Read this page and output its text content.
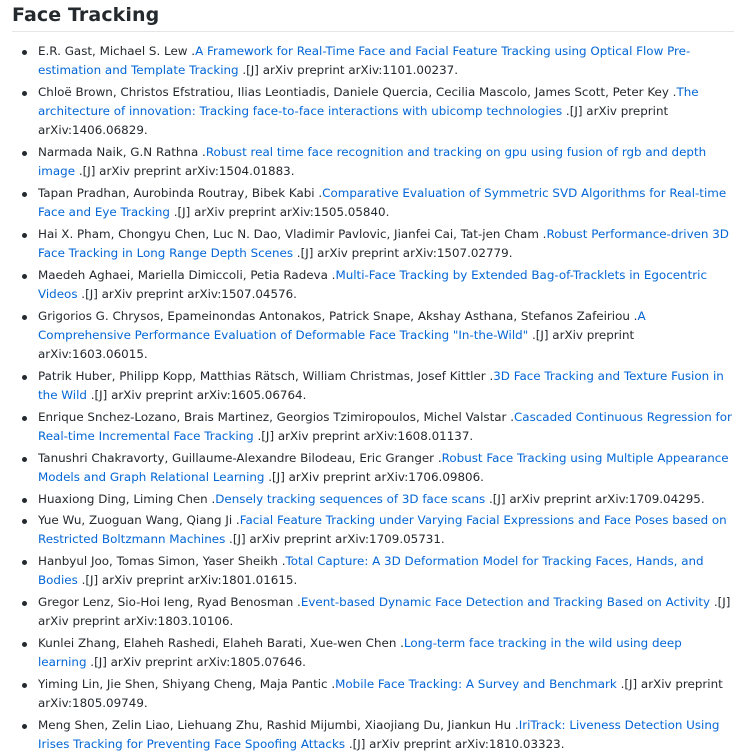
Face Tracking
E.R. Gast, Michael S. Lew .A Framework for Real-Time Face and Facial Feature Tracking using Optical Flow Pre-estimation and Template Tracking .[J] arXiv preprint arXiv:1101.00237.
Chloë Brown, Christos Efstratiou, Ilias Leontiadis, Daniele Quercia, Cecilia Mascolo, James Scott, Peter Key .The architecture of innovation: Tracking face-to-face interactions with ubicomp technologies .[J] arXiv preprint arXiv:1406.06829.
Narmada Naik, G.N Rathna .Robust real time face recognition and tracking on gpu using fusion of rgb and depth image .[J] arXiv preprint arXiv:1504.01883.
Tapan Pradhan, Aurobinda Routray, Bibek Kabi .Comparative Evaluation of Symmetric SVD Algorithms for Real-time Face and Eye Tracking .[J] arXiv preprint arXiv:1505.05840.
Hai X. Pham, Chongyu Chen, Luc N. Dao, Vladimir Pavlovic, Jianfei Cai, Tat-jen Cham .Robust Performance-driven 3D Face Tracking in Long Range Depth Scenes .[J] arXiv preprint arXiv:1507.02779.
Maedeh Aghaei, Mariella Dimiccoli, Petia Radeva .Multi-Face Tracking by Extended Bag-of-Tracklets in Egocentric Videos .[J] arXiv preprint arXiv:1507.04576.
Grigorios G. Chrysos, Epameinondas Antonakos, Patrick Snape, Akshay Asthana, Stefanos Zafeiriou .A Comprehensive Performance Evaluation of Deformable Face Tracking "In-the-Wild" .[J] arXiv preprint arXiv:1603.06015.
Patrik Huber, Philipp Kopp, Matthias Rätsch, William Christmas, Josef Kittler .3D Face Tracking and Texture Fusion in the Wild .[J] arXiv preprint arXiv:1605.06764.
Enrique Snchez-Lozano, Brais Martinez, Georgios Tzimiropoulos, Michel Valstar .Cascaded Continuous Regression for Real-time Incremental Face Tracking .[J] arXiv preprint arXiv:1608.01137.
Tanushri Chakravorty, Guillaume-Alexandre Bilodeau, Eric Granger .Robust Face Tracking using Multiple Appearance Models and Graph Relational Learning .[J] arXiv preprint arXiv:1706.09806.
Huaxiong Ding, Liming Chen .Densely tracking sequences of 3D face scans .[J] arXiv preprint arXiv:1709.04295.
Yue Wu, Zuoguan Wang, Qiang Ji .Facial Feature Tracking under Varying Facial Expressions and Face Poses based on Restricted Boltzmann Machines .[J] arXiv preprint arXiv:1709.05731.
Hanbyul Joo, Tomas Simon, Yaser Sheikh .Total Capture: A 3D Deformation Model for Tracking Faces, Hands, and Bodies .[J] arXiv preprint arXiv:1801.01615.
Gregor Lenz, Sio-Hoi Ieng, Ryad Benosman .Event-based Dynamic Face Detection and Tracking Based on Activity .[J] arXiv preprint arXiv:1803.10106.
Kunlei Zhang, Elaheh Rashedi, Elaheh Barati, Xue-wen Chen .Long-term face tracking in the wild using deep learning .[J] arXiv preprint arXiv:1805.07646.
Yiming Lin, Jie Shen, Shiyang Cheng, Maja Pantic .Mobile Face Tracking: A Survey and Benchmark .[J] arXiv preprint arXiv:1805.09749.
Meng Shen, Zelin Liao, Liehuang Zhu, Rashid Mijumbi, Xiaojiang Du, Jiankun Hu .IriTrack: Liveness Detection Using Irises Tracking for Preventing Face Spoofing Attacks .[J] arXiv preprint arXiv:1810.03323.
